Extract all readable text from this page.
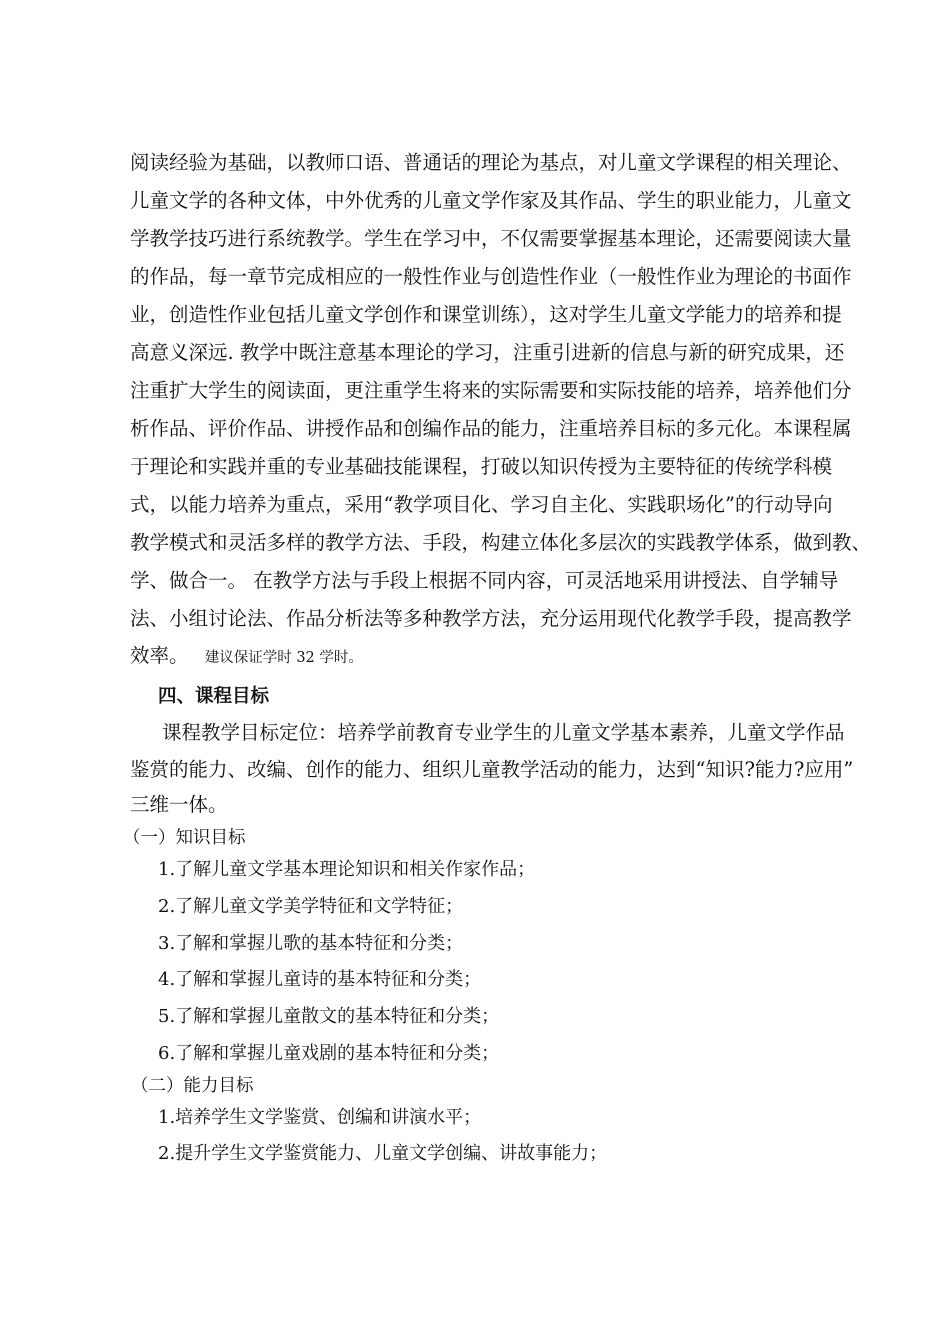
阅读经验为基础，以教师口语、普通话的理论为基点，对儿童文学课程的相关理论、
儿童文学的各种文体，中外优秀的儿童文学作家及其作品、学生的职业能力，儿童文
学教学技巧进行系统教学。学生在学习中，不仅需要掌握基本理论，还需要阅读大量
的作品，每一章节完成相应的一般性作业与创造性作业（一般性作业为理论的书面作
业，创造性作业包括儿童文学创作和课堂训练），这对学生儿童文学能力的培养和提
高意义深远. 教学中既注意基本理论的学习，注重引进新的信息与新的研究成果，还
注重扩大学生的阅读面，更注重学生将来的实际需要和实际技能的培养，培养他们分
析作品、评价作品、讲授作品和创编作品的能力，注重培养目标的多元化。本课程属
于理论和实践并重的专业基础技能课程，打破以知识传授为主要特征的传统学科模
式，以能力培养为重点，采用“教学项目化、学习自主化、实践职场化”的行动导向
教学模式和灵活多样的教学方法、手段，构建立体化多层次的实践教学体系，做到教、
学、做合一。 在教学方法与手段上根据不同内容，可灵活地采用讲授法、自学辅导
法、小组讨论法、作品分析法等多种教学方法，充分运用现代化教学手段，提高教学
效率。 建议保证学时 32 学时。
四、课程目标
课程教学目标定位：培养学前教育专业学生的儿童文学基本素养，儿童文学作品
鉴赏的能力、改编、创作的能力、组织儿童教学活动的能力，达到“知识?能力?应用”
三维一体。
（一）知识目标
1.了解儿童文学基本理论知识和相关作家作品；
2.了解儿童文学美学特征和文学特征；
3.了解和掌握儿歌的基本特征和分类；
4.了解和掌握儿童诗的基本特征和分类；
5.了解和掌握儿童散文的基本特征和分类；
6.了解和掌握儿童戏剧的基本特征和分类；
（二）能力目标
1.培养学生文学鉴赏、创编和讲演水平；
2.提升学生文学鉴赏能力、儿童文学创编、讲故事能力；
